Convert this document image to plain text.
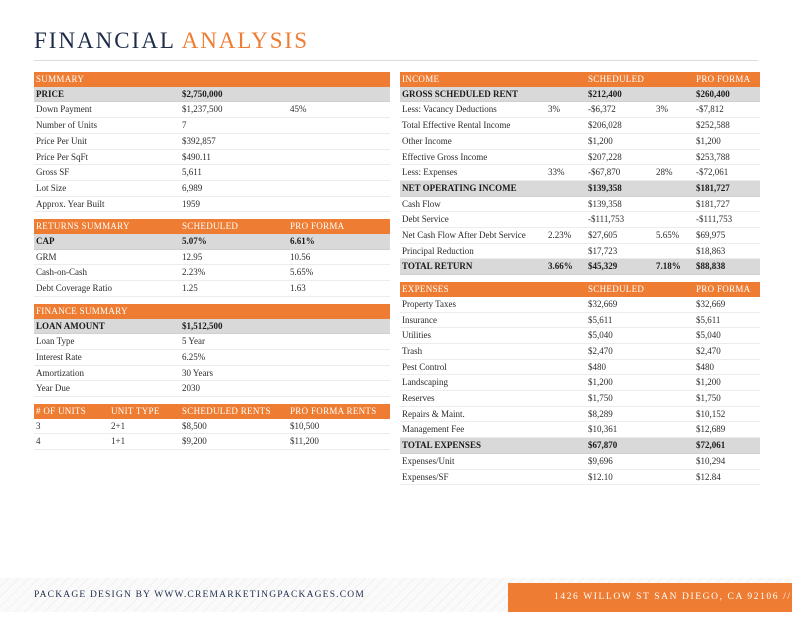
FINANCIAL ANALYSIS
SUMMARY		
PRICE	$2,750,000	
Down Payment	$1,237,500	45%
Number of Units	7	
Price Per Unit	$392,857	
Price Per SqFt	$490.11	
Gross SF	5,611	
Lot Size	6,989	
Approx. Year Built	1959	
RETURNS SUMMARY	SCHEDULED	PRO FORMA
CAP	5.07%	6.61%
GRM	12.95	10.56
Cash-on-Cash	2.23%	5.65%
Debt Coverage Ratio	1.25	1.63
FINANCE SUMMARY		
LOAN AMOUNT	$1,512,500	
Loan Type	5 Year	
Interest Rate	6.25%	
Amortization	30 Years	
Year Due	2030	
# OF UNITS	UNIT TYPE	SCHEDULED RENTS	PRO FORMA RENTS
3	2+1	$8,500	$10,500
4	1+1	$9,200	$11,200
INCOME		SCHEDULED		PRO FORMA
GROSS SCHEDULED RENT		$212,400		$260,400
Less: Vacancy Deductions	3%	-$6,372	3%	-$7,812
Total Effective Rental Income		$206,028		$252,588
Other Income		$1,200		$1,200
Effective Gross Income		$207,228		$253,788
Less: Expenses	33%	-$67,870	28%	-$72,061
NET OPERATING INCOME		$139,358		$181,727
Cash Flow		$139,358		$181,727
Debt Service		-$111,753		-$111,753
Net Cash Flow After Debt Service	2.23%	$27,605	5.65%	$69,975
Principal Reduction		$17,723		$18,863
TOTAL RETURN	3.66%	$45,329	7.18%	$88,838
EXPENSES	SCHEDULED	PRO FORMA
Property Taxes	$32,669	$32,669
Insurance	$5,611	$5,611
Utilities	$5,040	$5,040
Trash	$2,470	$2,470
Pest Control	$480	$480
Landscaping	$1,200	$1,200
Reserves	$1,750	$1,750
Repairs & Maint.	$8,289	$10,152
Management Fee	$10,361	$12,689
TOTAL EXPENSES	$67,870	$72,061
Expenses/Unit	$9,696	$10,294
Expenses/SF	$12.10	$12.84
PACKAGE DESIGN BY WWW.CREMARKETINGPACKAGES.COM	1426 WILLOW ST SAN DIEGO, CA 92106 // 11
